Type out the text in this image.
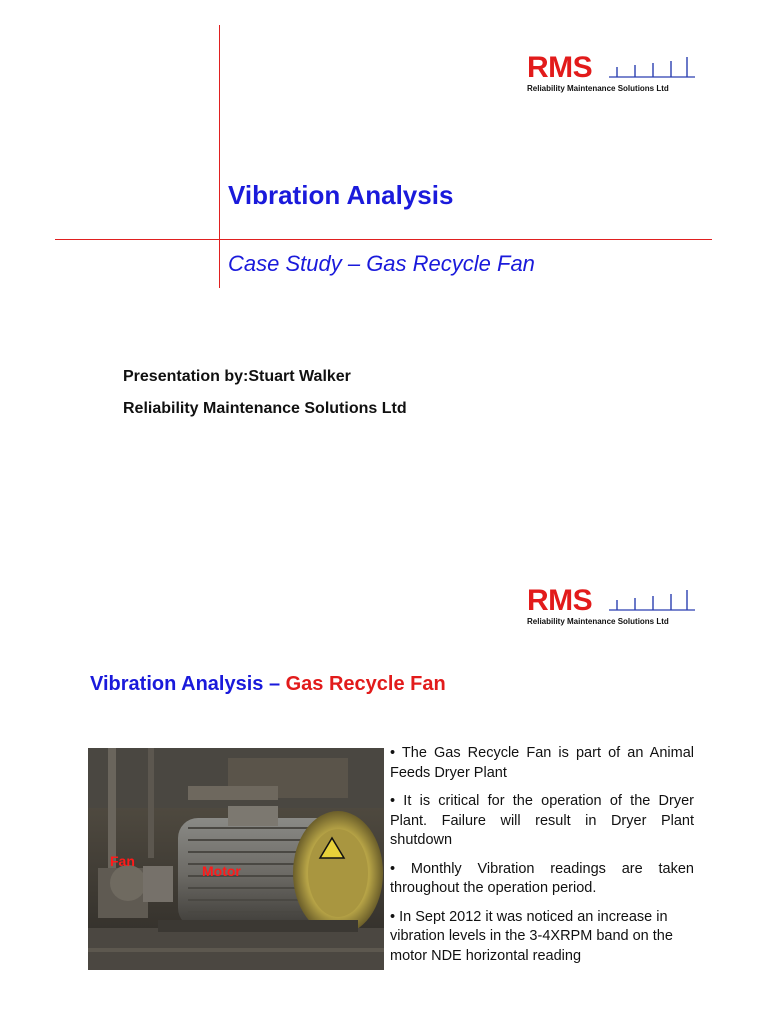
RMS
Reliability Maintenance Solutions Ltd
Vibration Analysis
Case Study – Gas Recycle Fan
Presentation by:Stuart Walker
Reliability Maintenance Solutions Ltd
RMS
Reliability Maintenance Solutions Ltd
Vibration Analysis – Gas Recycle Fan
Fan
Motor

• The Gas Recycle Fan is part of an Animal Feeds Dryer Plant

• It is critical for the operation of the Dryer Plant. Failure will result in Dryer Plant shutdown

• Monthly Vibration readings are taken throughout the operation period.

• In Sept 2012 it was noticed an increase in vibration levels in the 3-4XRPM band on the motor NDE horizontal reading
